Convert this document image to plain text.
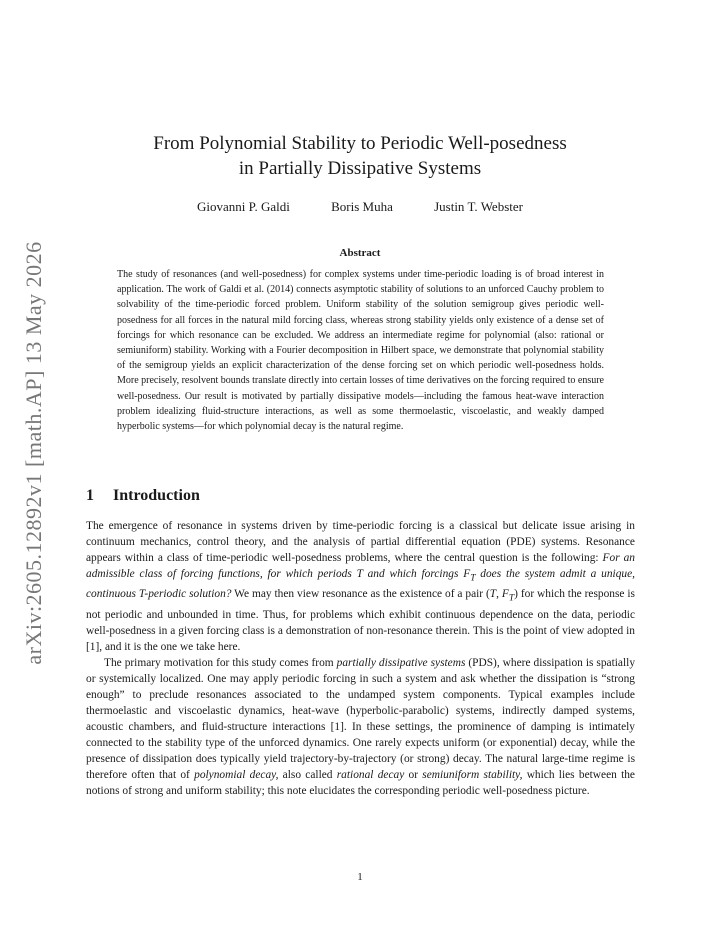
arXiv:2605.12892v1 [math.AP] 13 May 2026
From Polynomial Stability to Periodic Well-posedness
in Partially Dissipative Systems
Giovanni P. Galdi	Boris Muha	Justin T. Webster
Abstract

The study of resonances (and well-posedness) for complex systems under time-periodic loading is of broad interest in application. The work of Galdi et al. (2014) connects asymptotic stability of solutions to an unforced Cauchy problem to solvability of the time-periodic forced problem. Uniform stability of the solution semigroup gives periodic well-posedness for all forces in the natural mild forcing class, whereas strong stability yields only existence of a dense set of forcings for which resonance can be excluded. We address an intermediate regime for polynomial (also: rational or semiuniform) stability. Working with a Fourier decomposition in Hilbert space, we demonstrate that polynomial stability of the semigroup yields an explicit characterization of the dense forcing set on which periodic well-posedness holds. More precisely, resolvent bounds translate directly into certain losses of time derivatives on the forcing required to ensure well-posedness. Our result is motivated by partially dissipative models—including the famous heat-wave interaction problem idealizing fluid-structure interactions, as well as some thermoelastic, viscoelastic, and weakly damped hyperbolic systems—for which polynomial decay is the natural regime.

1 Introduction

The emergence of resonance in systems driven by time-periodic forcing is a classical but delicate issue arising in continuum mechanics, control theory, and the analysis of partial differential equation (PDE) systems. Resonance appears within a class of time-periodic well-posedness problems, where the central question is the following: For an admissible class of forcing functions, for which periods T and which forcings $F_T$ does the system admit a unique, continuous T-periodic solution? We may then view resonance as the existence of a pair (T, $F_T$) for which the response is not periodic and unbounded in time. Thus, for problems which exhibit continuous dependence on the data, periodic well-posedness in a given forcing class is a demonstration of non-resonance therein. This is the point of view adopted in [1], and it is the one we take here.

The primary motivation for this study comes from partially dissipative systems (PDS), where dissipation is spatially or systemically localized. One may apply periodic forcing in such a system and ask whether the dissipation is “strong enough” to preclude resonances associated to the undamped system components. Typical examples include thermoelastic and viscoelastic dynamics, heat-wave (hyperbolic-parabolic) systems, indirectly damped systems, acoustic chambers, and fluid-structure interactions [1]. In these settings, the prominence of damping is intimately connected to the stability type of the unforced dynamics. One rarely expects uniform (or exponential) decay, while the presence of dissipation does typically yield trajectory-by-trajectory (or strong) decay. The natural large-time regime is therefore often that of polynomial decay, also called rational decay or semiuniform stability, which lies between the notions of strong and uniform stability; this note elucidates the corresponding periodic well-posedness picture.

1
